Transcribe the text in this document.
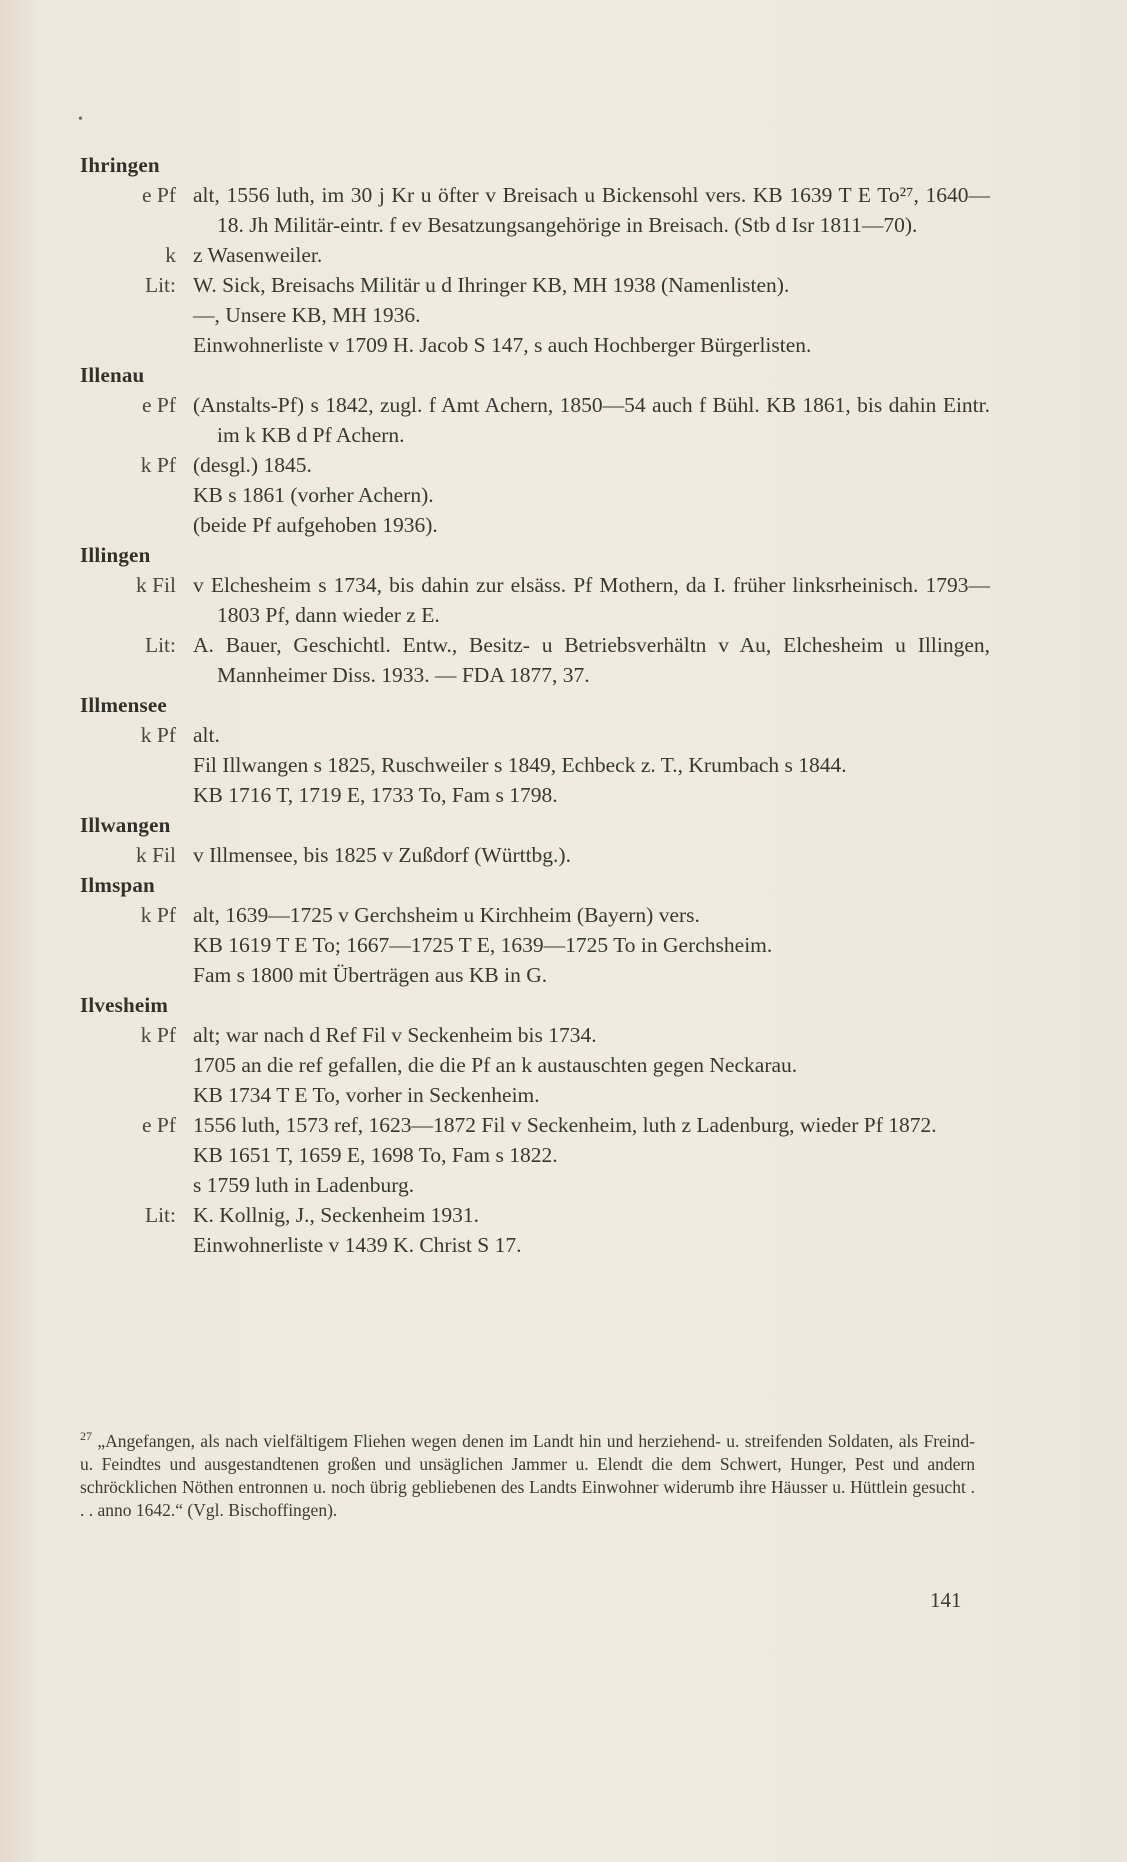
•
Ihringen
e Pf alt, 1556 luth, im 30 j Kr u öfter v Breisach u Bickensohl vers. KB 1639 T E To²⁷, 1640—18. Jh Militär-eintr. f ev Besatzungsangehörige in Breisach. (Stb d Isr 1811—70).

k z Wasenweiler.

Lit: W. Sick, Breisachs Militär u d Ihringer KB, MH 1938 (Namenlisten).

—, Unsere KB, MH 1936.

Einwohnerliste v 1709 H. Jacob S 147, s auch Hochberger Bürgerlisten.

Illenau
e Pf (Anstalts-Pf) s 1842, zugl. f Amt Achern, 1850—54 auch f Bühl. KB 1861, bis dahin Eintr. im k KB d Pf Achern.

k Pf (desgl.) 1845.

KB s 1861 (vorher Achern).

(beide Pf aufgehoben 1936).

Illingen
k Fil v Elchesheim s 1734, bis dahin zur elsäss. Pf Mothern, da I. früher linksrheinisch. 1793—1803 Pf, dann wieder z E.

Lit: A. Bauer, Geschichtl. Entw., Besitz- u Betriebsverhältn v Au, Elchesheim u Illingen, Mannheimer Diss. 1933. — FDA 1877, 37.

Illmensee
k Pf alt.

Fil Illwangen s 1825, Ruschweiler s 1849, Echbeck z. T., Krumbach s 1844.

KB 1716 T, 1719 E, 1733 To, Fam s 1798.

Illwangen
k Fil v Illmensee, bis 1825 v Zußdorf (Württbg.).

Ilmspan
k Pf alt, 1639—1725 v Gerchsheim u Kirchheim (Bayern) vers.

KB 1619 T E To; 1667—1725 T E, 1639—1725 To in Gerchsheim.

Fam s 1800 mit Überträgen aus KB in G.

Ilvesheim
k Pf alt; war nach d Ref Fil v Seckenheim bis 1734.

1705 an die ref gefallen, die die Pf an k austauschten gegen Neckarau.

KB 1734 T E To, vorher in Seckenheim.

e Pf 1556 luth, 1573 ref, 1623—1872 Fil v Seckenheim, luth z Ladenburg, wieder Pf 1872.

KB 1651 T, 1659 E, 1698 To, Fam s 1822.

s 1759 luth in Ladenburg.

Lit: K. Kollnig, J., Seckenheim 1931.

Einwohnerliste v 1439 K. Christ S 17.

$^{27}$ „Angefangen, als nach vielfältigem Fliehen wegen denen im Landt hin und herziehend- u. streifenden Soldaten, als Freind- u. Feindtes und ausgestandtenen großen und unsäglichen Jammer u. Elendt die dem Schwert, Hunger, Pest und andern schröcklichen Nöthen entronnen u. noch übrig gebliebenen des Landts Einwohner widerumb ihre Häusser u. Hüttlein gesucht . . . anno 1642.“ (Vgl. Bischoffingen).
141
